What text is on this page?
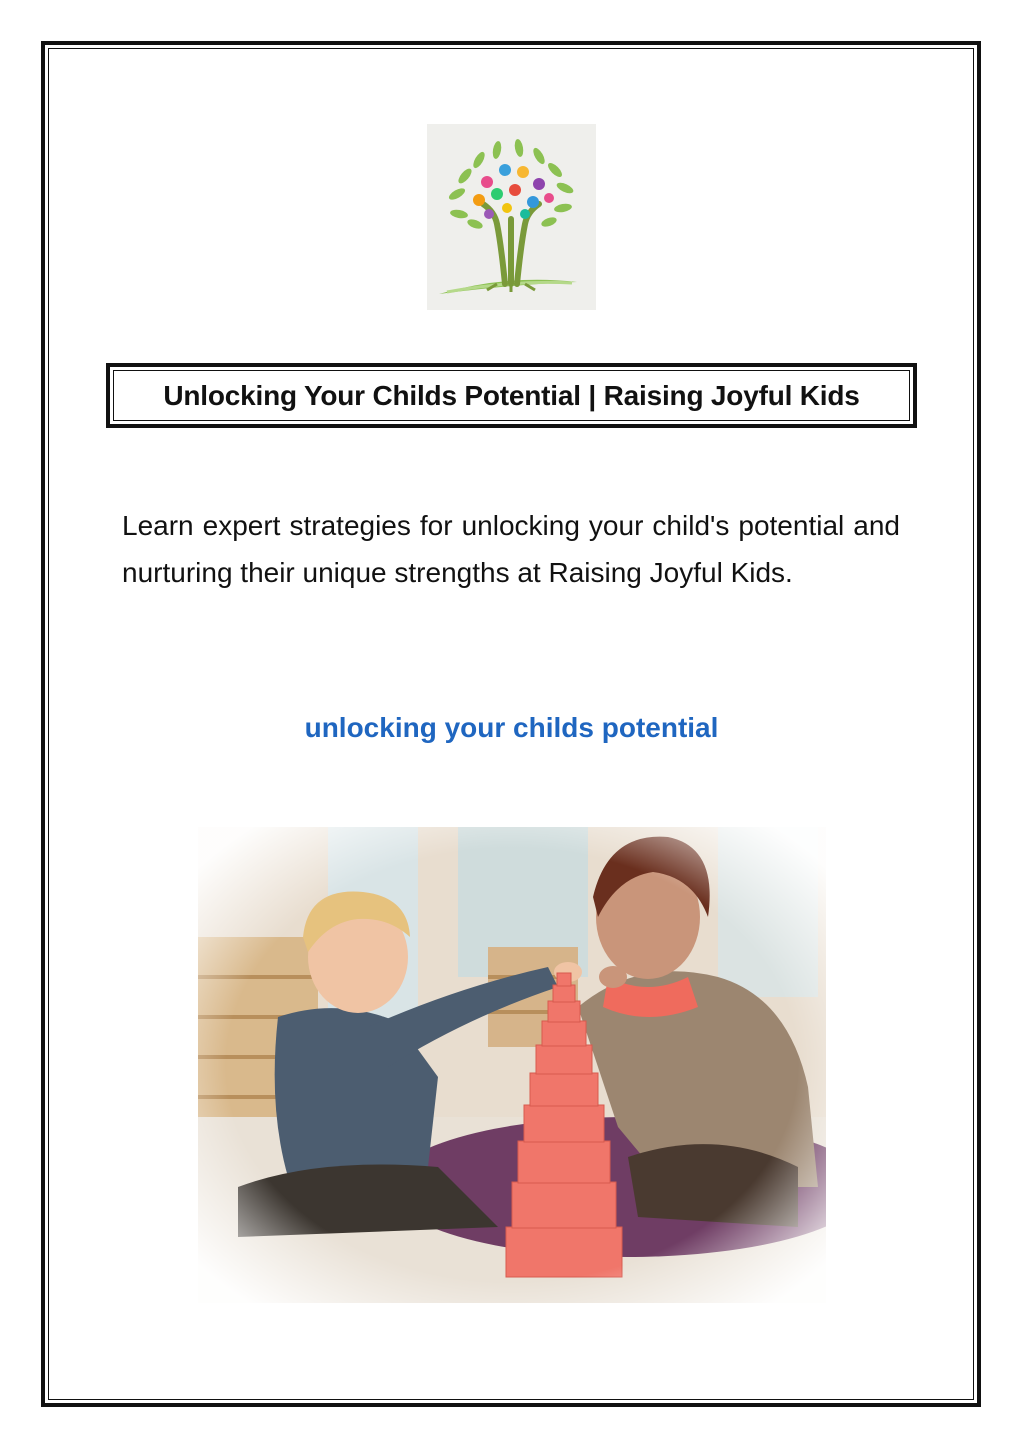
Unlocking Your Childs Potential | Raising Joyful Kids

Learn expert strategies for unlocking your child's potential and nurturing their unique strengths at Raising Joyful Kids.

unlocking your childs potential
